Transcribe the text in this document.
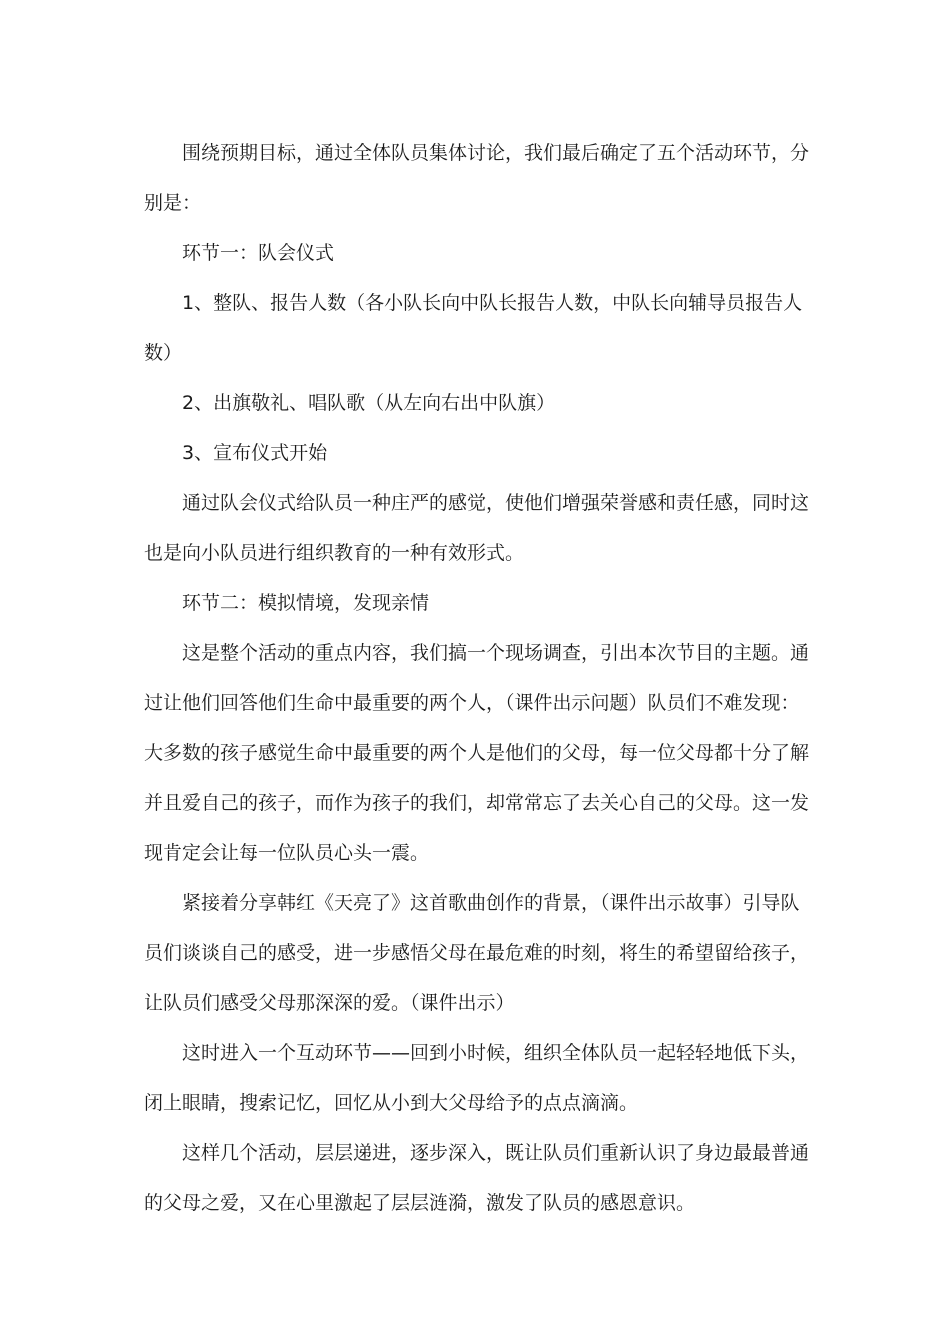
围绕预期目标，通过全体队员集体讨论，我们最后确定了五个活动环节，分别是：

环节一：队会仪式

1、整队、报告人数（各小队长向中队长报告人数，中队长向辅导员报告人数）

2、出旗敬礼、唱队歌（从左向右出中队旗）

3、宣布仪式开始

通过队会仪式给队员一种庄严的感觉，使他们增强荣誉感和责任感，同时这也是向小队员进行组织教育的一种有效形式。

环节二：模拟情境，发现亲情

这是整个活动的重点内容，我们搞一个现场调查，引出本次节目的主题。通过让他们回答他们生命中最重要的两个人，（课件出示问题）队员们不难发现：大多数的孩子感觉生命中最重要的两个人是他们的父母，每一位父母都十分了解并且爱自己的孩子，而作为孩子的我们，却常常忘了去关心自己的父母。这一发现肯定会让每一位队员心头一震。

紧接着分享韩红《天亮了》这首歌曲创作的背景，（课件出示故事）引导队员们谈谈自己的感受，进一步感悟父母在最危难的时刻，将生的希望留给孩子，让队员们感受父母那深深的爱。（课件出示）

这时进入一个互动环节——回到小时候，组织全体队员一起轻轻地低下头，闭上眼睛，搜索记忆，回忆从小到大父母给予的点点滴滴。

这样几个活动，层层递进，逐步深入，既让队员们重新认识了身边最最普通的父母之爱，又在心里激起了层层涟漪，激发了队员的感恩意识。
